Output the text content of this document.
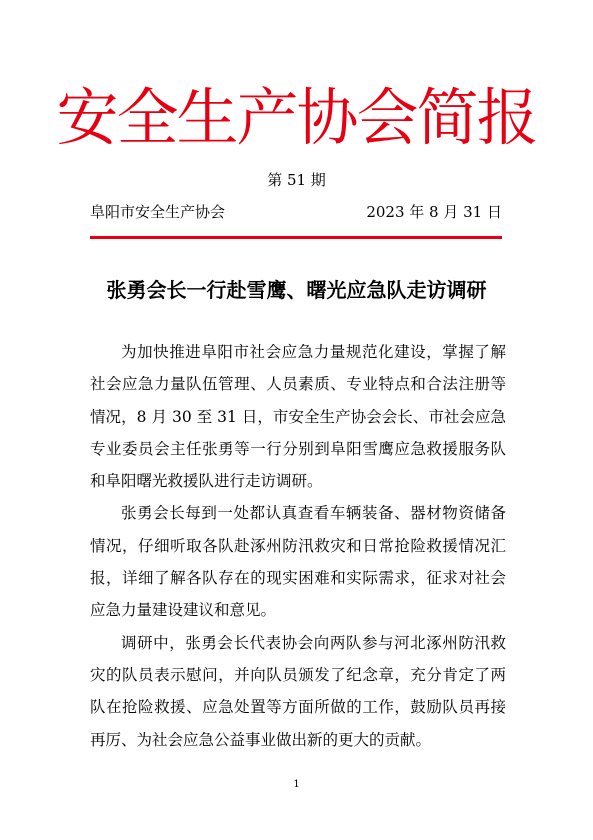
安全生产协会简报
第 51 期
阜阳市安全生产协会	2023 年 8 月 31 日
张勇会长一行赴雪鹰、曙光应急队走访调研

为加快推进阜阳市社会应急力量规范化建设，掌握了解社会应急力量队伍管理、人员素质、专业特点和合法注册等情况，8 月 30 至 31 日，市安全生产协会会长、市社会应急专业委员会主任张勇等一行分别到阜阳雪鹰应急救援服务队和阜阳曙光救援队进行走访调研。

张勇会长每到一处都认真查看车辆装备、器材物资储备情况，仔细听取各队赴涿州防汛救灾和日常抢险救援情况汇报，详细了解各队存在的现实困难和实际需求，征求对社会应急力量建设建议和意见。

调研中，张勇会长代表协会向两队参与河北涿州防汛救灾的队员表示慰问，并向队员颁发了纪念章，充分肯定了两队在抢险救援、应急处置等方面所做的工作，鼓励队员再接再厉、为社会应急公益事业做出新的更大的贡献。

1
